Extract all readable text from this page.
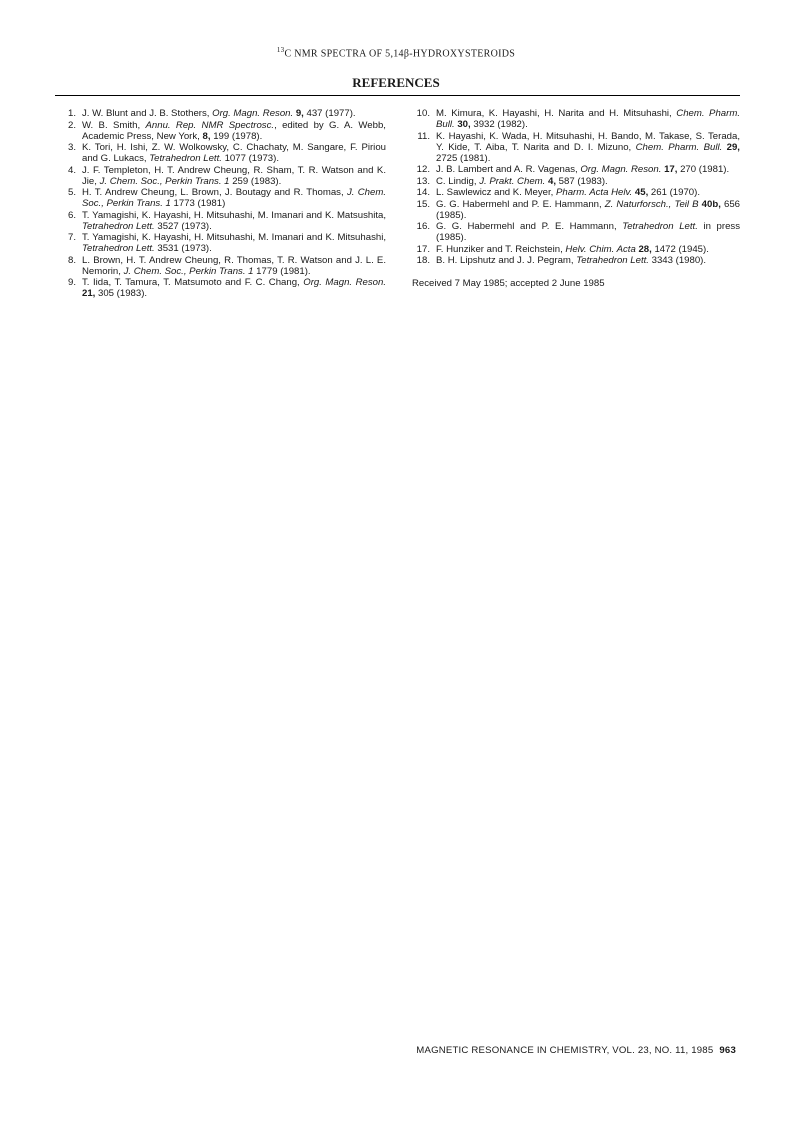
$^{13}$C NMR SPECTRA OF 5,14β-HYDROXYSTEROIDS
REFERENCES
1. J. W. Blunt and J. B. Stothers, Org. Magn. Reson. 9, 437 (1977).
2. W. B. Smith, Annu. Rep. NMR Spectrosc., edited by G. A. Webb, Academic Press, New York, 8, 199 (1978).
3. K. Tori, H. Ishi, Z. W. Wolkowsky, C. Chachaty, M. Sangare, F. Piriou and G. Lukacs, Tetrahedron Lett. 1077 (1973).
4. J. F. Templeton, H. T. Andrew Cheung, R. Sham, T. R. Watson and K. Jie, J. Chem. Soc., Perkin Trans. 1 259 (1983).
5. H. T. Andrew Cheung, L. Brown, J. Boutagy and R. Thomas, J. Chem. Soc., Perkin Trans. 1 1773 (1981)
6. T. Yamagishi, K. Hayashi, H. Mitsuhashi, M. Imanari and K. Matsushita, Tetrahedron Lett. 3527 (1973).
7. T. Yamagishi, K. Hayashi, H. Mitsuhashi, M. Imanari and K. Mitsuhashi, Tetrahedron Lett. 3531 (1973).
8. L. Brown, H. T. Andrew Cheung, R. Thomas, T. R. Watson and J. L. E. Nemorin, J. Chem. Soc., Perkin Trans. 1 1779 (1981).
9. T. Iida, T. Tamura, T. Matsumoto and F. C. Chang, Org. Magn. Reson. 21, 305 (1983).
10. M. Kimura, K. Hayashi, H. Narita and H. Mitsuhashi, Chem. Pharm. Bull. 30, 3932 (1982).
11. K. Hayashi, K. Wada, H. Mitsuhashi, H. Bando, M. Takase, S. Terada, Y. Kide, T. Aiba, T. Narita and D. I. Mizuno, Chem. Pharm. Bull. 29, 2725 (1981).
12. J. B. Lambert and A. R. Vagenas, Org. Magn. Reson. 17, 270 (1981).
13. C. Lindig, J. Prakt. Chem. 4, 587 (1983).
14. L. Sawlewicz and K. Meyer, Pharm. Acta Helv. 45, 261 (1970).
15. G. G. Habermehl and P. E. Hammann, Z. Naturforsch., Teil B 40b, 656 (1985).
16. G. G. Habermehl and P. E. Hammann, Tetrahedron Lett. in press (1985).
17. F. Hunziker and T. Reichstein, Helv. Chim. Acta 28, 1472 (1945).
18. B. H. Lipshutz and J. J. Pegram, Tetrahedron Lett. 3343 (1980).
Received 7 May 1985; accepted 2 June 1985
MAGNETIC RESONANCE IN CHEMISTRY, VOL. 23, NO. 11, 1985 963
